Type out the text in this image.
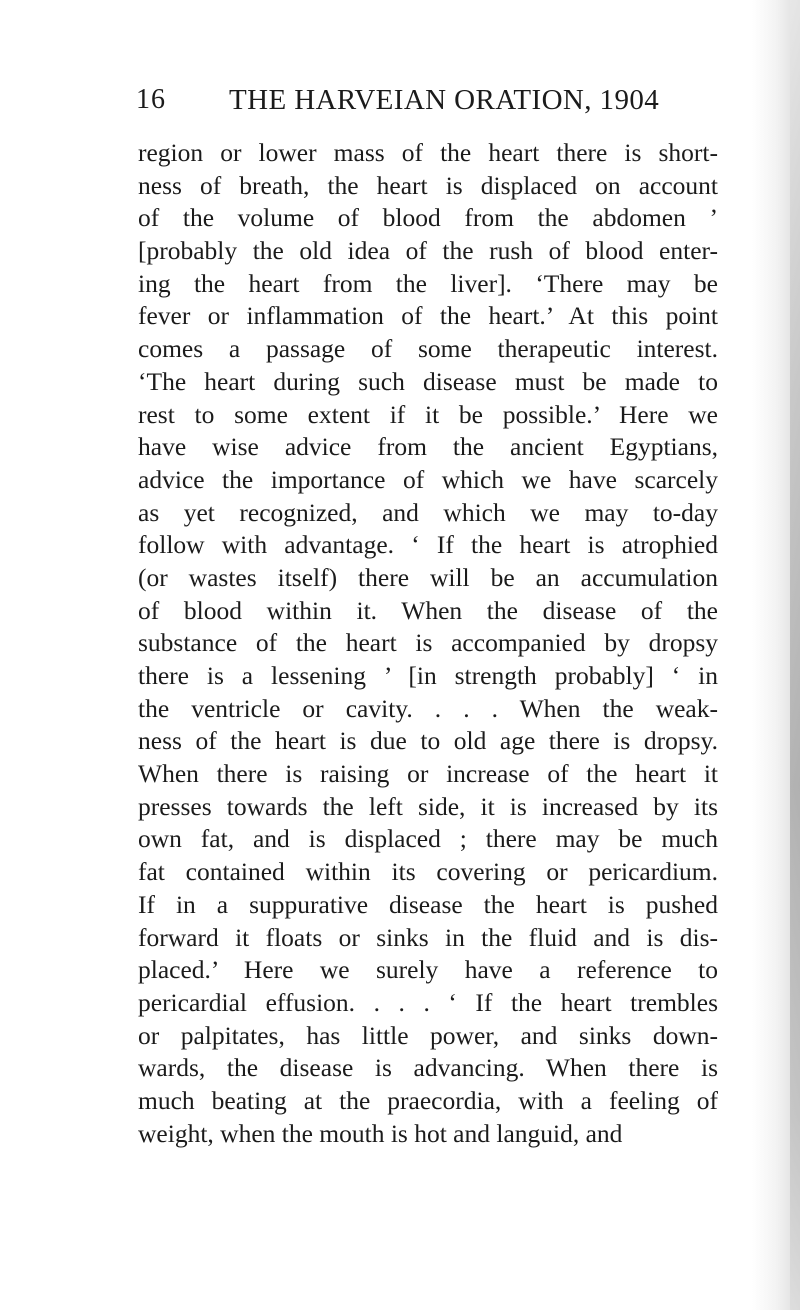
16 THE HARVEIAN ORATION, 1904
region or lower mass of the heart there is short-
ness of breath, the heart is displaced on account
of the volume of blood from the abdomen ’
[probably the old idea of the rush of blood enter-
ing the heart from the liver]. ‘There may be
fever or inflammation of the heart.’ At this point
comes a passage of some therapeutic interest.
‘The heart during such disease must be made to
rest to some extent if it be possible.’ Here we
have wise advice from the ancient Egyptians,
advice the importance of which we have scarcely
as yet recognized, and which we may to-day
follow with advantage. ‘ If the heart is atrophied
(or wastes itself) there will be an accumulation
of blood within it. When the disease of the
substance of the heart is accompanied by dropsy
there is a lessening ’ [in strength probably] ‘ in
the ventricle or cavity. . . . When the weak-
ness of the heart is due to old age there is dropsy.
When there is raising or increase of the heart it
presses towards the left side, it is increased by its
own fat, and is displaced ; there may be much
fat contained within its covering or pericardium.
If in a suppurative disease the heart is pushed
forward it floats or sinks in the fluid and is dis-
placed.’ Here we surely have a reference to
pericardial effusion. . . . ‘ If the heart trembles
or palpitates, has little power, and sinks down-
wards, the disease is advancing. When there is
much beating at the praecordia, with a feeling of
weight, when the mouth is hot and languid, and
